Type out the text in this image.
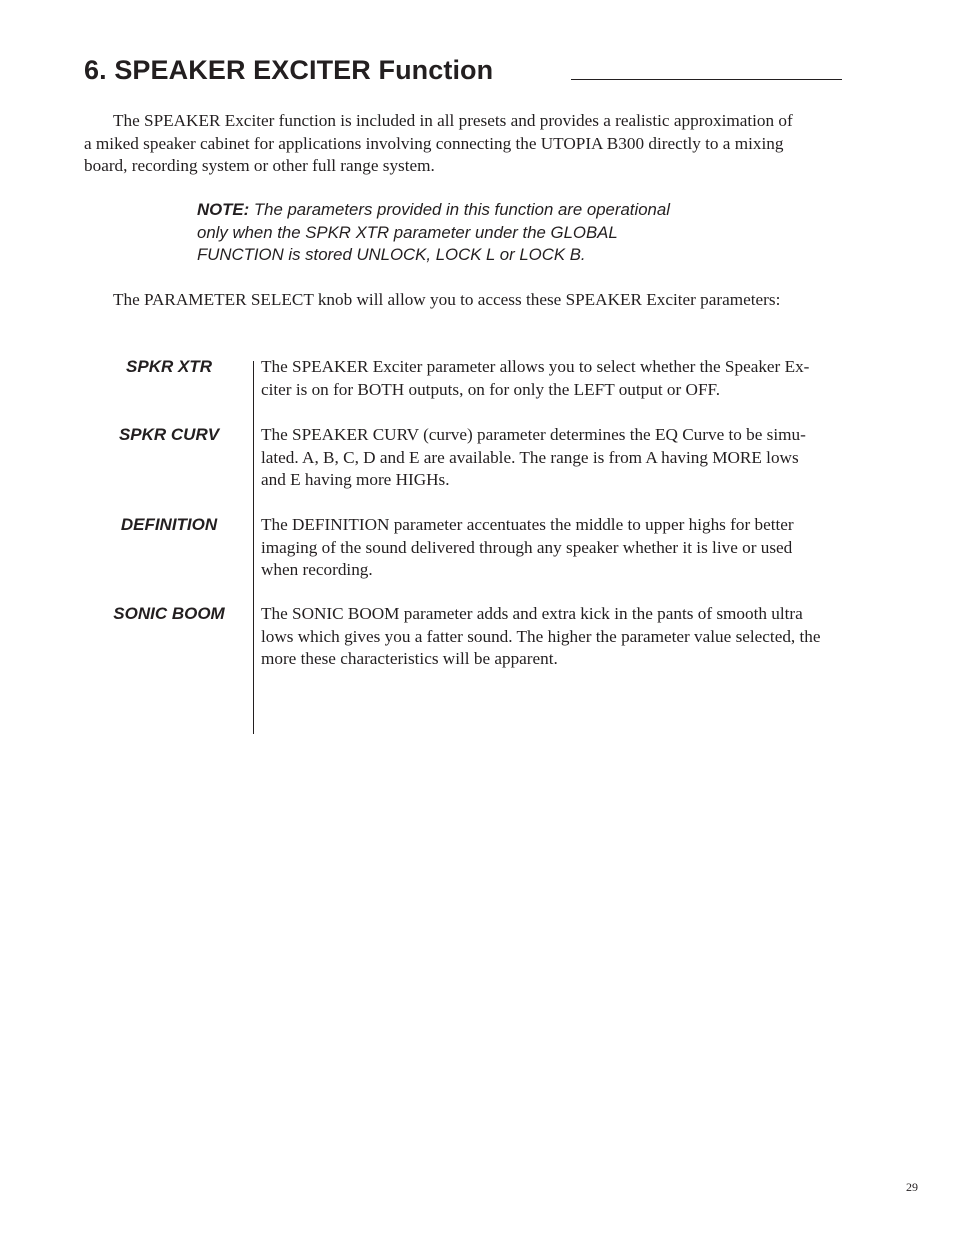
6. SPEAKER EXCITER Function
The SPEAKER Exciter function is included in all presets and provides a realistic approximation of
a miked speaker cabinet for applications involving connecting the UTOPIA B300 directly to a mixing
board, recording system or other full range system.
NOTE: The parameters provided in this function are operational
only when the SPKR XTR parameter under the GLOBAL
FUNCTION is stored UNLOCK, LOCK L or LOCK B.
The PARAMETER SELECT knob will allow you to access these SPEAKER Exciter parameters:
SPKR XTR	The SPEAKER Exciter parameter allows you to select whether the Speaker Ex-
citer is on for BOTH outputs, on for only the LEFT output or OFF.
SPKR CURV	The SPEAKER CURV (curve) parameter determines the EQ Curve to be simu-
lated. A, B, C, D and E are available. The range is from A having MORE lows
and E having more HIGHs.
DEFINITION	The DEFINITION parameter accentuates the middle to upper highs for better
imaging of the sound delivered through any speaker whether it is live or used
when recording.
SONIC BOOM	The SONIC BOOM parameter adds and extra kick in the pants of smooth ultra
lows which gives you a fatter sound. The higher the parameter value selected, the
more these characteristics will be apparent.
29
